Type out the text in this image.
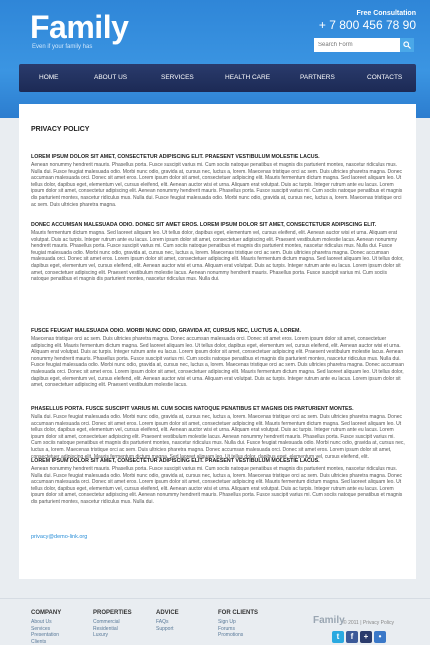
Family
Even if your family has
Free Consultation
+ 7 800 456 78 90
Search Form
HOME	ABOUT US	SERVICES	HEALTH CARE	PARTNERS	CONTACTS
PRIVACY POLICY
LOREM IPSUM DOLOR SIT AMET, CONSECTETUR ADIPISCING ELIT. PRAESENT VESTIBULUM MOLESTIE LACUS.
Aenean nonummy hendrerit mauris. Phasellus porta. Fusce suscipit varius mi. Cum sociis natoque penatibus et magnis dis parturient montes, nascetur ridiculus mus. Nulla dui. Fusce feugiat malesuada odio. Morbi nunc odio, gravida at, cursus nec, luctus a, lorem. Maecenas tristique orci ac sem. Duis ultricies pharetra magna. Donec accumsan malesuada orci. Donec sit amet eros. Lorem ipsum dolor sit amet, consectetuer adipiscing elit. Mauris fermentum dictum magna. Sed laoreet aliquam leo. Ut tellus dolor, dapibus eget, elementum vel, cursus eleifend, elit. Aenean auctor wisi et urna. Aliquam erat volutpat. Duis ac turpis. Integer rutrum ante eu lacus. Lorem ipsum dolor sit amet, consectetur adipiscing elit. Aenean nonummy hendrerit mauris. Phasellus porta. Fusce suscipit varius mi. Cum sociis natoque penatibus et magnis dis parturient montes, nascetur ridiculus mus. Nulla dui. Fusce feugiat malesuada odio. Morbi nunc odio, gravida at, cursus nec, luctus a, lorem. Maecenas tristique orci ac sem. Duis ultricies pharetra magna.
DONEC ACCUMSAN MALESUADA ODIO. DONEC SIT AMET EROS. LOREM IPSUM DOLOR SIT AMET, CONSECTETUER ADIPISCING ELIT.
Mauris fermentum dictum magna. Sed laoreet aliquam leo. Ut tellus dolor, dapibus eget, elementum vel, cursus eleifend, elit. Aenean auctor wisi et urna. Aliquam erat volutpat. Duis ac turpis. Integer rutrum ante eu lacus. Lorem ipsum dolor sit amet, consectetuer adipiscing elit. Praesent vestibulum molestie lacus. Aenean nonummy hendrerit mauris. Phasellus porta. Fusce suscipit varius mi. Cum sociis natoque penatibus et magnis dis parturient montes, nascetur ridiculus mus. Nulla dui. Fusce feugiat malesuada odio. Morbi nunc odio, gravida at, cursus nec, luctus a, lorem. Maecenas tristique orci ac sem. Duis ultricies pharetra magna. Donec accumsan malesuada orci. Donec sit amet eros. Lorem ipsum dolor sit amet, consectetuer adipiscing elit. Mauris fermentum dictum magna. Sed laoreet aliquam leo. Ut tellus dolor, dapibus eget, elementum vel, cursus eleifend, elit. Aenean auctor wisi et urna. Aliquam erat volutpat. Duis ac turpis. Integer rutrum ante eu lacus. Lorem ipsum dolor sit amet, consectetuer adipiscing elit. Praesent vestibulum molestie lacus. Aenean nonummy hendrerit mauris. Phasellus porta. Fusce suscipit varius mi. Cum sociis natoque penatibus et magnis dis parturient montes, nascetur ridiculus mus. Nulla dui.
FUSCE FEUGIAT MALESUADA ODIO. MORBI NUNC ODIO, GRAVIDA AT, CURSUS NEC, LUCTUS A, LOREM.
Maecenas tristique orci ac sem. Duis ultricies pharetra magna. Donec accumsan malesuada orci. Donec sit amet eros. Lorem ipsum dolor sit amet, consectetuer adipiscing elit. Mauris fermentum dictum magna. Sed laoreet aliquam leo. Ut tellus dolor, dapibus eget, elementum vel, cursus eleifend, elit. Aenean auctor wisi et urna. Aliquam erat volutpat. Duis ac turpis. Integer rutrum ante eu lacus. Lorem ipsum dolor sit amet, consectetuer adipiscing elit. Praesent vestibulum molestie lacus. Aenean nonummy hendrerit mauris. Phasellus porta. Fusce suscipit varius mi. Cum sociis natoque penatibus et magnis dis parturient montes, nascetur ridiculus mus. Nulla dui. Fusce feugiat malesuada odio. Morbi nunc odio, gravida at, cursus nec, luctus a, lorem. Maecenas tristique orci ac sem. Duis ultricies pharetra magna. Donec accumsan malesuada orci. Donec sit amet eros. Lorem ipsum dolor sit amet, consectetuer adipiscing elit. Mauris fermentum dictum magna. Sed laoreet aliquam leo. Ut tellus dolor, dapibus eget, elementum vel, cursus eleifend, elit. Aenean auctor wisi et urna. Aliquam erat volutpat. Duis ac turpis. Integer rutrum ante eu lacus. Lorem ipsum dolor sit amet, consectetuer adipiscing elit. Praesent vestibulum molestie lacus.
PHASELLUS PORTA. FUSCE SUSCIPIT VARIUS MI. CUM SOCIIS NATOQUE PENATIBUS ET MAGNIS DIS PARTURIENT MONTES.
Nulla dui. Fusce feugiat malesuada odio. Morbi nunc odio, gravida at, cursus nec, luctus a, lorem. Maecenas tristique orci ac sem. Duis ultricies pharetra magna. Donec accumsan malesuada orci. Donec sit amet eros. Lorem ipsum dolor sit amet, consectetuer adipiscing elit. Mauris fermentum dictum magna. Sed laoreet aliquam leo. Ut tellus dolor, dapibus eget, elementum vel, cursus eleifend, elit. Aenean auctor wisi et urna. Aliquam erat volutpat. Duis ac turpis. Integer rutrum ante eu lacus. Lorem ipsum dolor sit amet, consectetuer adipiscing elit. Praesent vestibulum molestie lacus. Aenean nonummy hendrerit mauris. Phasellus porta. Fusce suscipit varius mi. Cum sociis natoque penatibus et magnis dis parturient montes, nascetur ridiculus mus. Nulla dui. Fusce feugiat malesuada odio. Morbi nunc odio, gravida at, cursus nec, luctus a, lorem. Maecenas tristique orci ac sem. Duis ultricies pharetra magna. Donec accumsan malesuada orci. Donec sit amet eros. Lorem ipsum dolor sit amet, consectetuer adipiscing elit. Mauris fermentum dictum magna. Sed laoreet aliquam leo. Ut tellus dolor, dapibus eget, elementum vel, cursus eleifend, elit.
LOREM IPSUM DOLOR SIT AMET, CONSECTETUR ADIPISCING ELIT. PRAESENT VESTIBULUM MOLESTIE LACUS.
Aenean nonummy hendrerit mauris. Phasellus porta. Fusce suscipit varius mi. Cum sociis natoque penatibus et magnis dis parturient montes, nascetur ridiculus mus. Nulla dui. Fusce feugiat malesuada odio. Morbi nunc odio, gravida at, cursus nec, luctus a, lorem. Maecenas tristique orci ac sem. Duis ultricies pharetra magna. Donec accumsan malesuada orci. Donec sit amet eros. Lorem ipsum dolor sit amet, consectetuer adipiscing elit. Mauris fermentum dictum magna. Sed laoreet aliquam leo. Ut tellus dolor, dapibus eget, elementum vel, cursus eleifend, elit. Aenean auctor wisi et urna. Aliquam erat volutpat. Duis ac turpis. Integer rutrum ante eu lacus. Lorem ipsum dolor sit amet, consectetur adipiscing elit. Aenean nonummy hendrerit mauris. Phasellus porta. Fusce suscipit varius mi. Cum sociis natoque penatibus et magnis dis parturient montes, nascetur ridiculus mus. Nulla dui.
privacy@demo-link.org
COMPANY
About Us
Services
Presentation
Clients
PROPERTIES
Commercial
Residential
Luxury
ADVICE
FAQs
Support
FOR CLIENTS
Sign Up
Forums
Promotions
Family
© 2011 | Privacy Policy
t	f	+	•
